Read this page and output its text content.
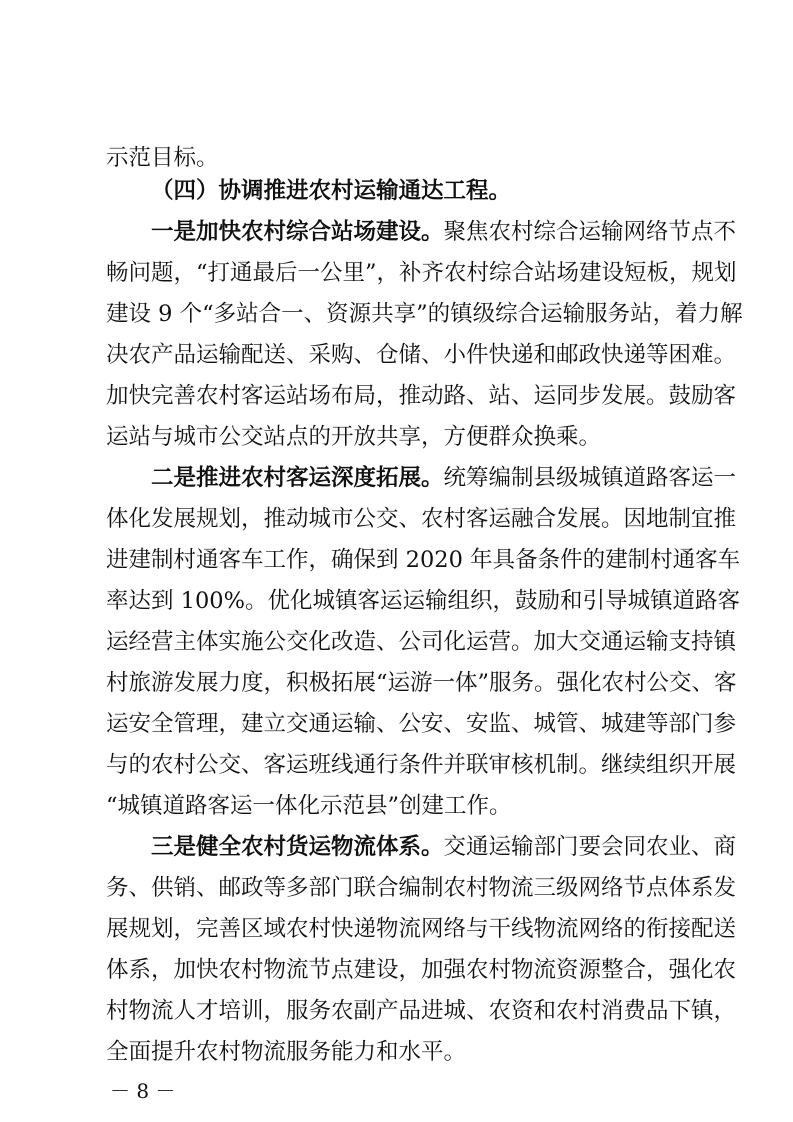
示范目标。
（四）协调推进农村运输通达工程。
一是加快农村综合站场建设。聚焦农村综合运输网络节点不
畅问题，“打通最后一公里”，补齐农村综合站场建设短板，规划
建设 9 个“多站合一、资源共享”的镇级综合运输服务站，着力解
决农产品运输配送、采购、仓储、小件快递和邮政快递等困难。
加快完善农村客运站场布局，推动路、站、运同步发展。鼓励客
运站与城市公交站点的开放共享，方便群众换乘。
二是推进农村客运深度拓展。统筹编制县级城镇道路客运一
体化发展规划，推动城市公交、农村客运融合发展。因地制宜推
进建制村通客车工作，确保到 2020 年具备条件的建制村通客车
率达到 100%。优化城镇客运运输组织，鼓励和引导城镇道路客
运经营主体实施公交化改造、公司化运营。加大交通运输支持镇
村旅游发展力度，积极拓展“运游一体”服务。强化农村公交、客
运安全管理，建立交通运输、公安、安监、城管、城建等部门参
与的农村公交、客运班线通行条件并联审核机制。继续组织开展
“城镇道路客运一体化示范县”创建工作。
三是健全农村货运物流体系。交通运输部门要会同农业、商
务、供销、邮政等多部门联合编制农村物流三级网络节点体系发
展规划，完善区域农村快递物流网络与干线物流网络的衔接配送
体系，加快农村物流节点建设，加强农村物流资源整合，强化农
村物流人才培训，服务农副产品进城、农资和农村消费品下镇，
全面提升农村物流服务能力和水平。
－ 8 －
